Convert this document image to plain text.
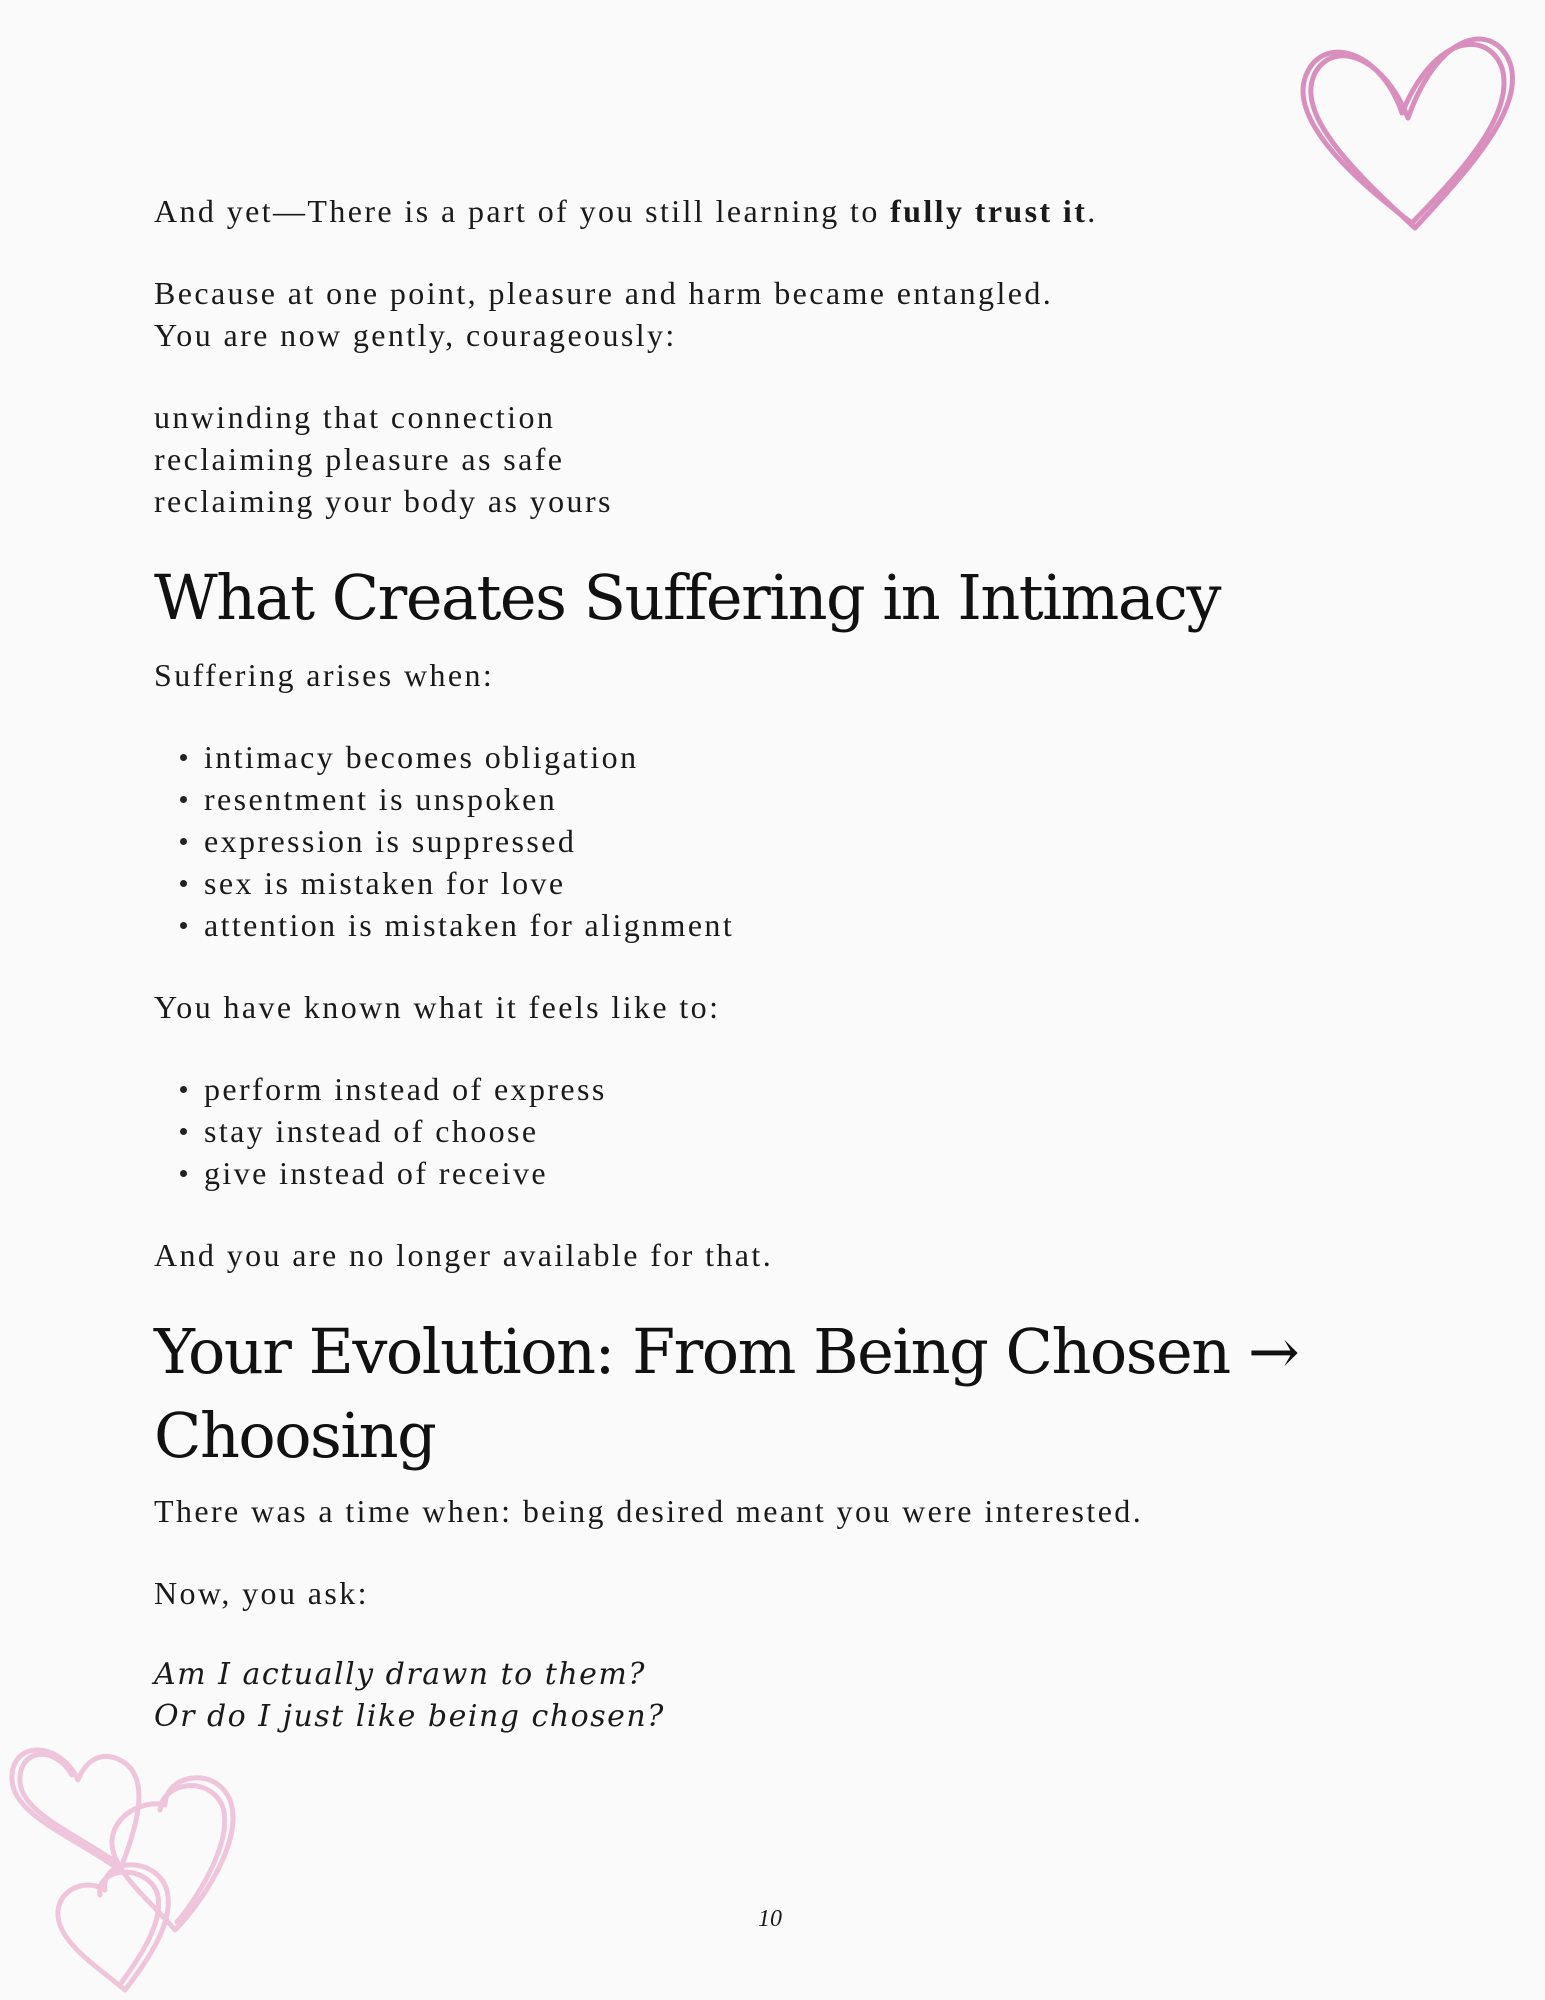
And yet—There is a part of you still learning to fully trust it.

Because at one point, pleasure and harm became entangled.

You are now gently, courageously:

unwinding that connection

reclaiming pleasure as safe

reclaiming your body as yours

What Creates Suffering in Intimacy

Suffering arises when:

intimacy becomes obligation
resentment is unspoken
expression is suppressed
sex is mistaken for love
attention is mistaken for alignment

You have known what it feels like to:

perform instead of express
stay instead of choose
give instead of receive

And you are no longer available for that.

Your Evolution: From Being Chosen →
Choosing

There was a time when: being desired meant you were interested.

Now, you ask:

Am I actually drawn to them?

Or do I just like being chosen?

10
